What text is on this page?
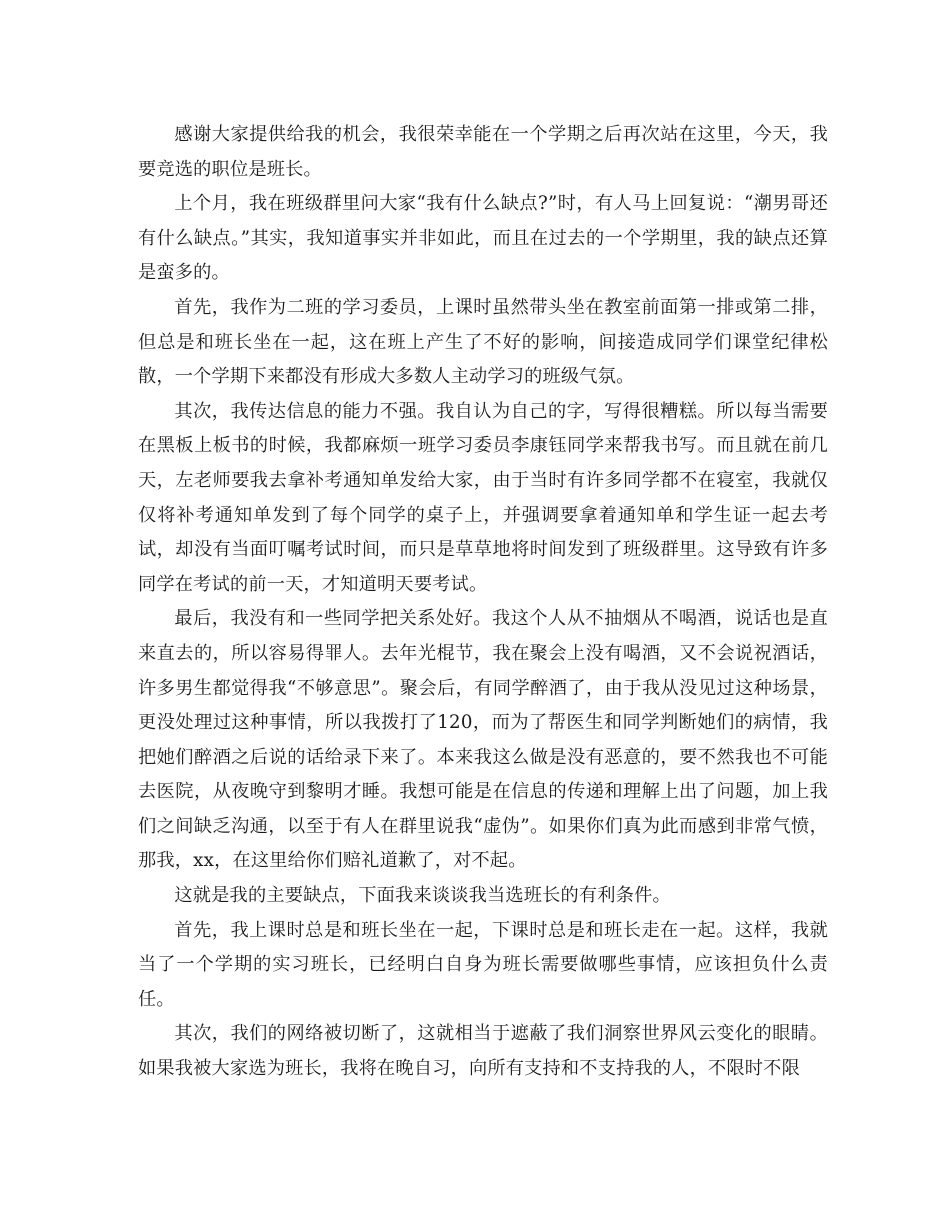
感谢大家提供给我的机会，我很荣幸能在一个学期之后再次站在这里，今天，我要竞选的职位是班长。

上个月，我在班级群里问大家“我有什么缺点?”时，有人马上回复说：“潮男哥还有什么缺点。”其实，我知道事实并非如此，而且在过去的一个学期里，我的缺点还算是蛮多的。

首先，我作为二班的学习委员，上课时虽然带头坐在教室前面第一排或第二排，但总是和班长坐在一起，这在班上产生了不好的影响，间接造成同学们课堂纪律松散，一个学期下来都没有形成大多数人主动学习的班级气氛。

其次，我传达信息的能力不强。我自认为自己的字，写得很糟糕。所以每当需要在黑板上板书的时候，我都麻烦一班学习委员李康钰同学来帮我书写。而且就在前几天，左老师要我去拿补考通知单发给大家，由于当时有许多同学都不在寝室，我就仅仅将补考通知单发到了每个同学的桌子上，并强调要拿着通知单和学生证一起去考试，却没有当面叮嘱考试时间，而只是草草地将时间发到了班级群里。这导致有许多同学在考试的前一天，才知道明天要考试。

最后，我没有和一些同学把关系处好。我这个人从不抽烟从不喝酒，说话也是直来直去的，所以容易得罪人。去年光棍节，我在聚会上没有喝酒，又不会说祝酒话，许多男生都觉得我“不够意思”。聚会后，有同学醉酒了，由于我从没见过这种场景，更没处理过这种事情，所以我拨打了120，而为了帮医生和同学判断她们的病情，我把她们醉酒之后说的话给录下来了。本来我这么做是没有恶意的，要不然我也不可能去医院，从夜晚守到黎明才睡。我想可能是在信息的传递和理解上出了问题，加上我们之间缺乏沟通，以至于有人在群里说我“虚伪”。如果你们真为此而感到非常气愤，那我，xx，在这里给你们赔礼道歉了，对不起。

这就是我的主要缺点，下面我来谈谈我当选班长的有利条件。

首先，我上课时总是和班长坐在一起，下课时总是和班长走在一起。这样，我就当了一个学期的实习班长，已经明白自身为班长需要做哪些事情，应该担负什么责任。

其次，我们的网络被切断了，这就相当于遮蔽了我们洞察世界风云变化的眼睛。如果我被大家选为班长，我将在晚自习，向所有支持和不支持我的人，不限时不限
